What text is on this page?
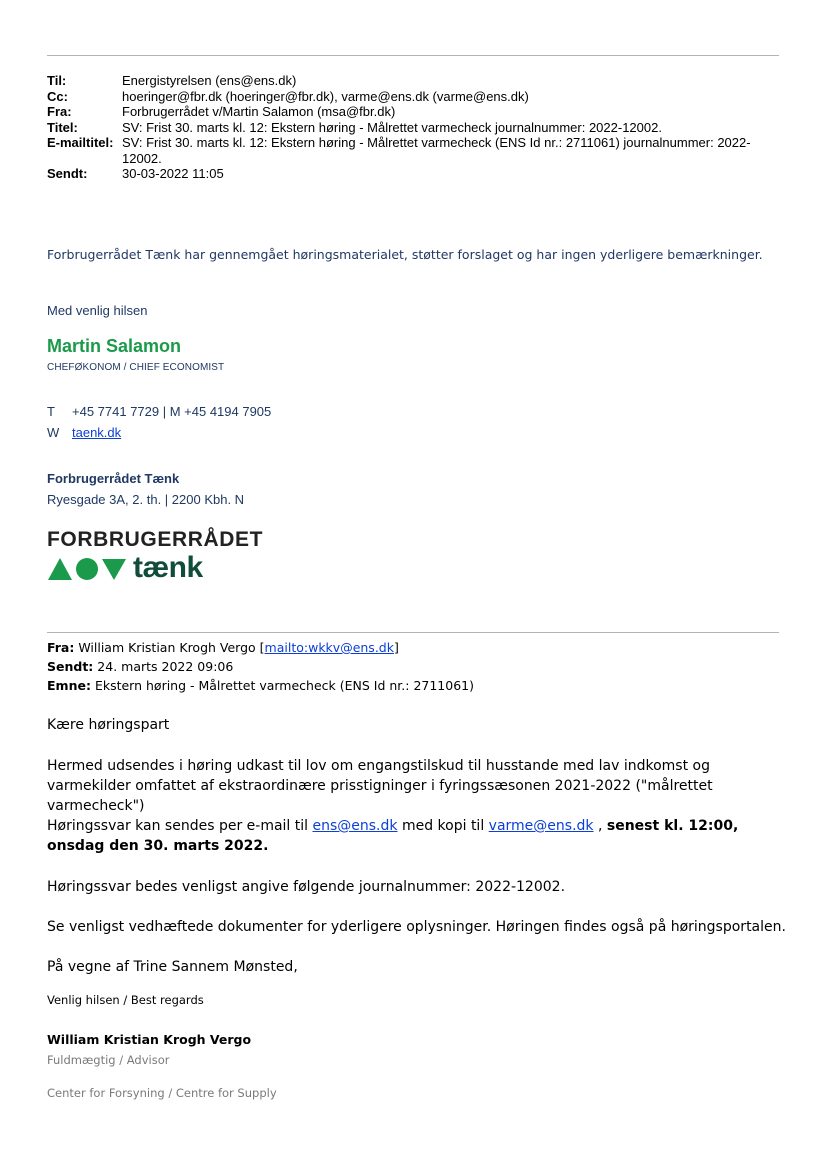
Til:	Energistyrelsen (ens@ens.dk)
Cc:	hoeringer@fbr.dk (hoeringer@fbr.dk), varme@ens.dk (varme@ens.dk)
Fra:	Forbrugerrådet v/Martin Salamon (msa@fbr.dk)
Titel:	SV: Frist 30. marts kl. 12: Ekstern høring - Målrettet varmecheck journalnummer: 2022-12002.
E-mailtitel: SV: Frist 30. marts kl. 12: Ekstern høring - Målrettet varmecheck (ENS Id nr.: 2711061) journalnummer: 2022-12002.
Sendt:	30-03-2022 11:05
Forbrugerrådet Tænk har gennemgået høringsmaterialet, støtter forslaget og har ingen yderligere bemærkninger.
Med venlig hilsen
Martin Salamon
CHEFØKONOM / CHIEF ECONOMIST
T +45 7741 7729 | M +45 4194 7905
W taenk.dk
Forbrugerrådet Tænk
Ryesgade 3A, 2. th. | 2200 Kbh. N
FORBRUGERRÅDET
tænk
Fra: William Kristian Krogh Vergo [mailto:wkkv@ens.dk]
Sendt: 24. marts 2022 09:06
Emne: Ekstern høring - Målrettet varmecheck (ENS Id nr.: 2711061)
Kære høringspart
Hermed udsendes i høring udkast til lov om engangstilskud til husstande med lav indkomst og varmekilder omfattet af ekstraordinære prisstigninger i fyringssæsonen 2021-2022 ("målrettet varmecheck")
Høringssvar kan sendes per e-mail til ens@ens.dk med kopi til varme@ens.dk , senest kl. 12:00, onsdag den 30. marts 2022.
Høringssvar bedes venligst angive følgende journalnummer: 2022-12002.
Se venligst vedhæftede dokumenter for yderligere oplysninger. Høringen findes også på høringsportalen.
På vegne af Trine Sannem Mønsted,
Venlig hilsen / Best regards
William Kristian Krogh Vergo
Fuldmægtig / Advisor
Center for Forsyning / Centre for Supply
